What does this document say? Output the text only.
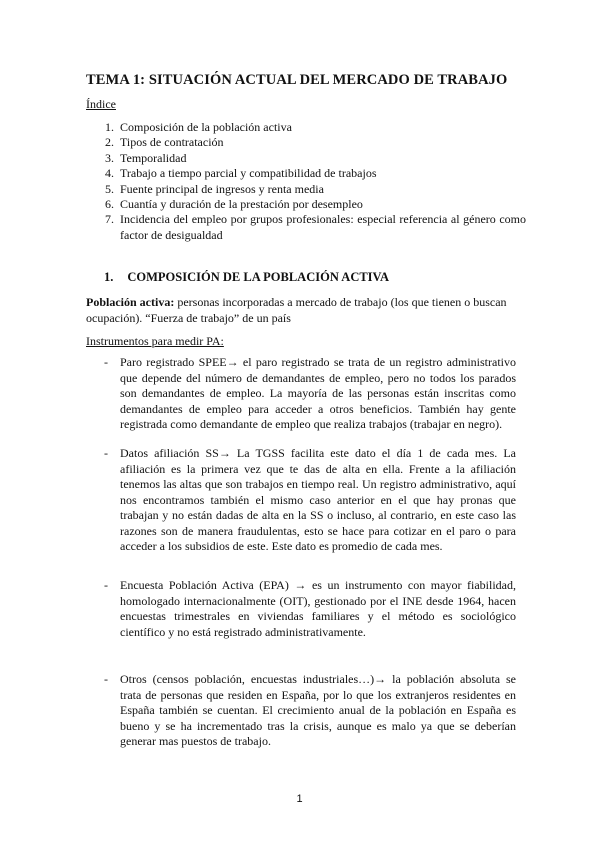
TEMA 1: SITUACIÓN ACTUAL DEL MERCADO DE TRABAJO
Índice
1. Composición de la población activa
2. Tipos de contratación
3. Temporalidad
4. Trabajo a tiempo parcial y compatibilidad de trabajos
5. Fuente principal de ingresos y renta media
6. Cuantía y duración de la prestación por desempleo
7. Incidencia del empleo por grupos profesionales: especial referencia al género como factor de desigualdad
1. COMPOSICIÓN DE LA POBLACIÓN ACTIVA
Población activa: personas incorporadas a mercado de trabajo (los que tienen o buscan ocupación). “Fuerza de trabajo” de un país
Instrumentos para medir PA:
-	Paro registrado SPEE→ el paro registrado se trata de un registro administrativo que depende del número de demandantes de empleo, pero no todos los parados son demandantes de empleo. La mayoría de las personas están inscritas como demandantes de empleo para acceder a otros beneficios. También hay gente registrada como demandante de empleo que realiza trabajos (trabajar en negro).
-	Datos afiliación SS→ La TGSS facilita este dato el día 1 de cada mes. La afiliación es la primera vez que te das de alta en ella. Frente a la afiliación tenemos las altas que son trabajos en tiempo real. Un registro administrativo, aquí nos encontramos también el mismo caso anterior en el que hay pronas que trabajan y no están dadas de alta en la SS o incluso, al contrario, en este caso las razones son de manera fraudulentas, esto se hace para cotizar en el paro o para acceder a los subsidios de este. Este dato es promedio de cada mes.
-	Encuesta Población Activa (EPA) → es un instrumento con mayor fiabilidad, homologado internacionalmente (OIT), gestionado por el INE desde 1964, hacen encuestas trimestrales en viviendas familiares y el método es sociológico científico y no está registrado administrativamente.
-	Otros (censos población, encuestas industriales…)→ la población absoluta se trata de personas que residen en España, por lo que los extranjeros residentes en España también se cuentan. El crecimiento anual de la población en España es bueno y se ha incrementado tras la crisis, aunque es malo ya que se deberían generar mas puestos de trabajo.
1
